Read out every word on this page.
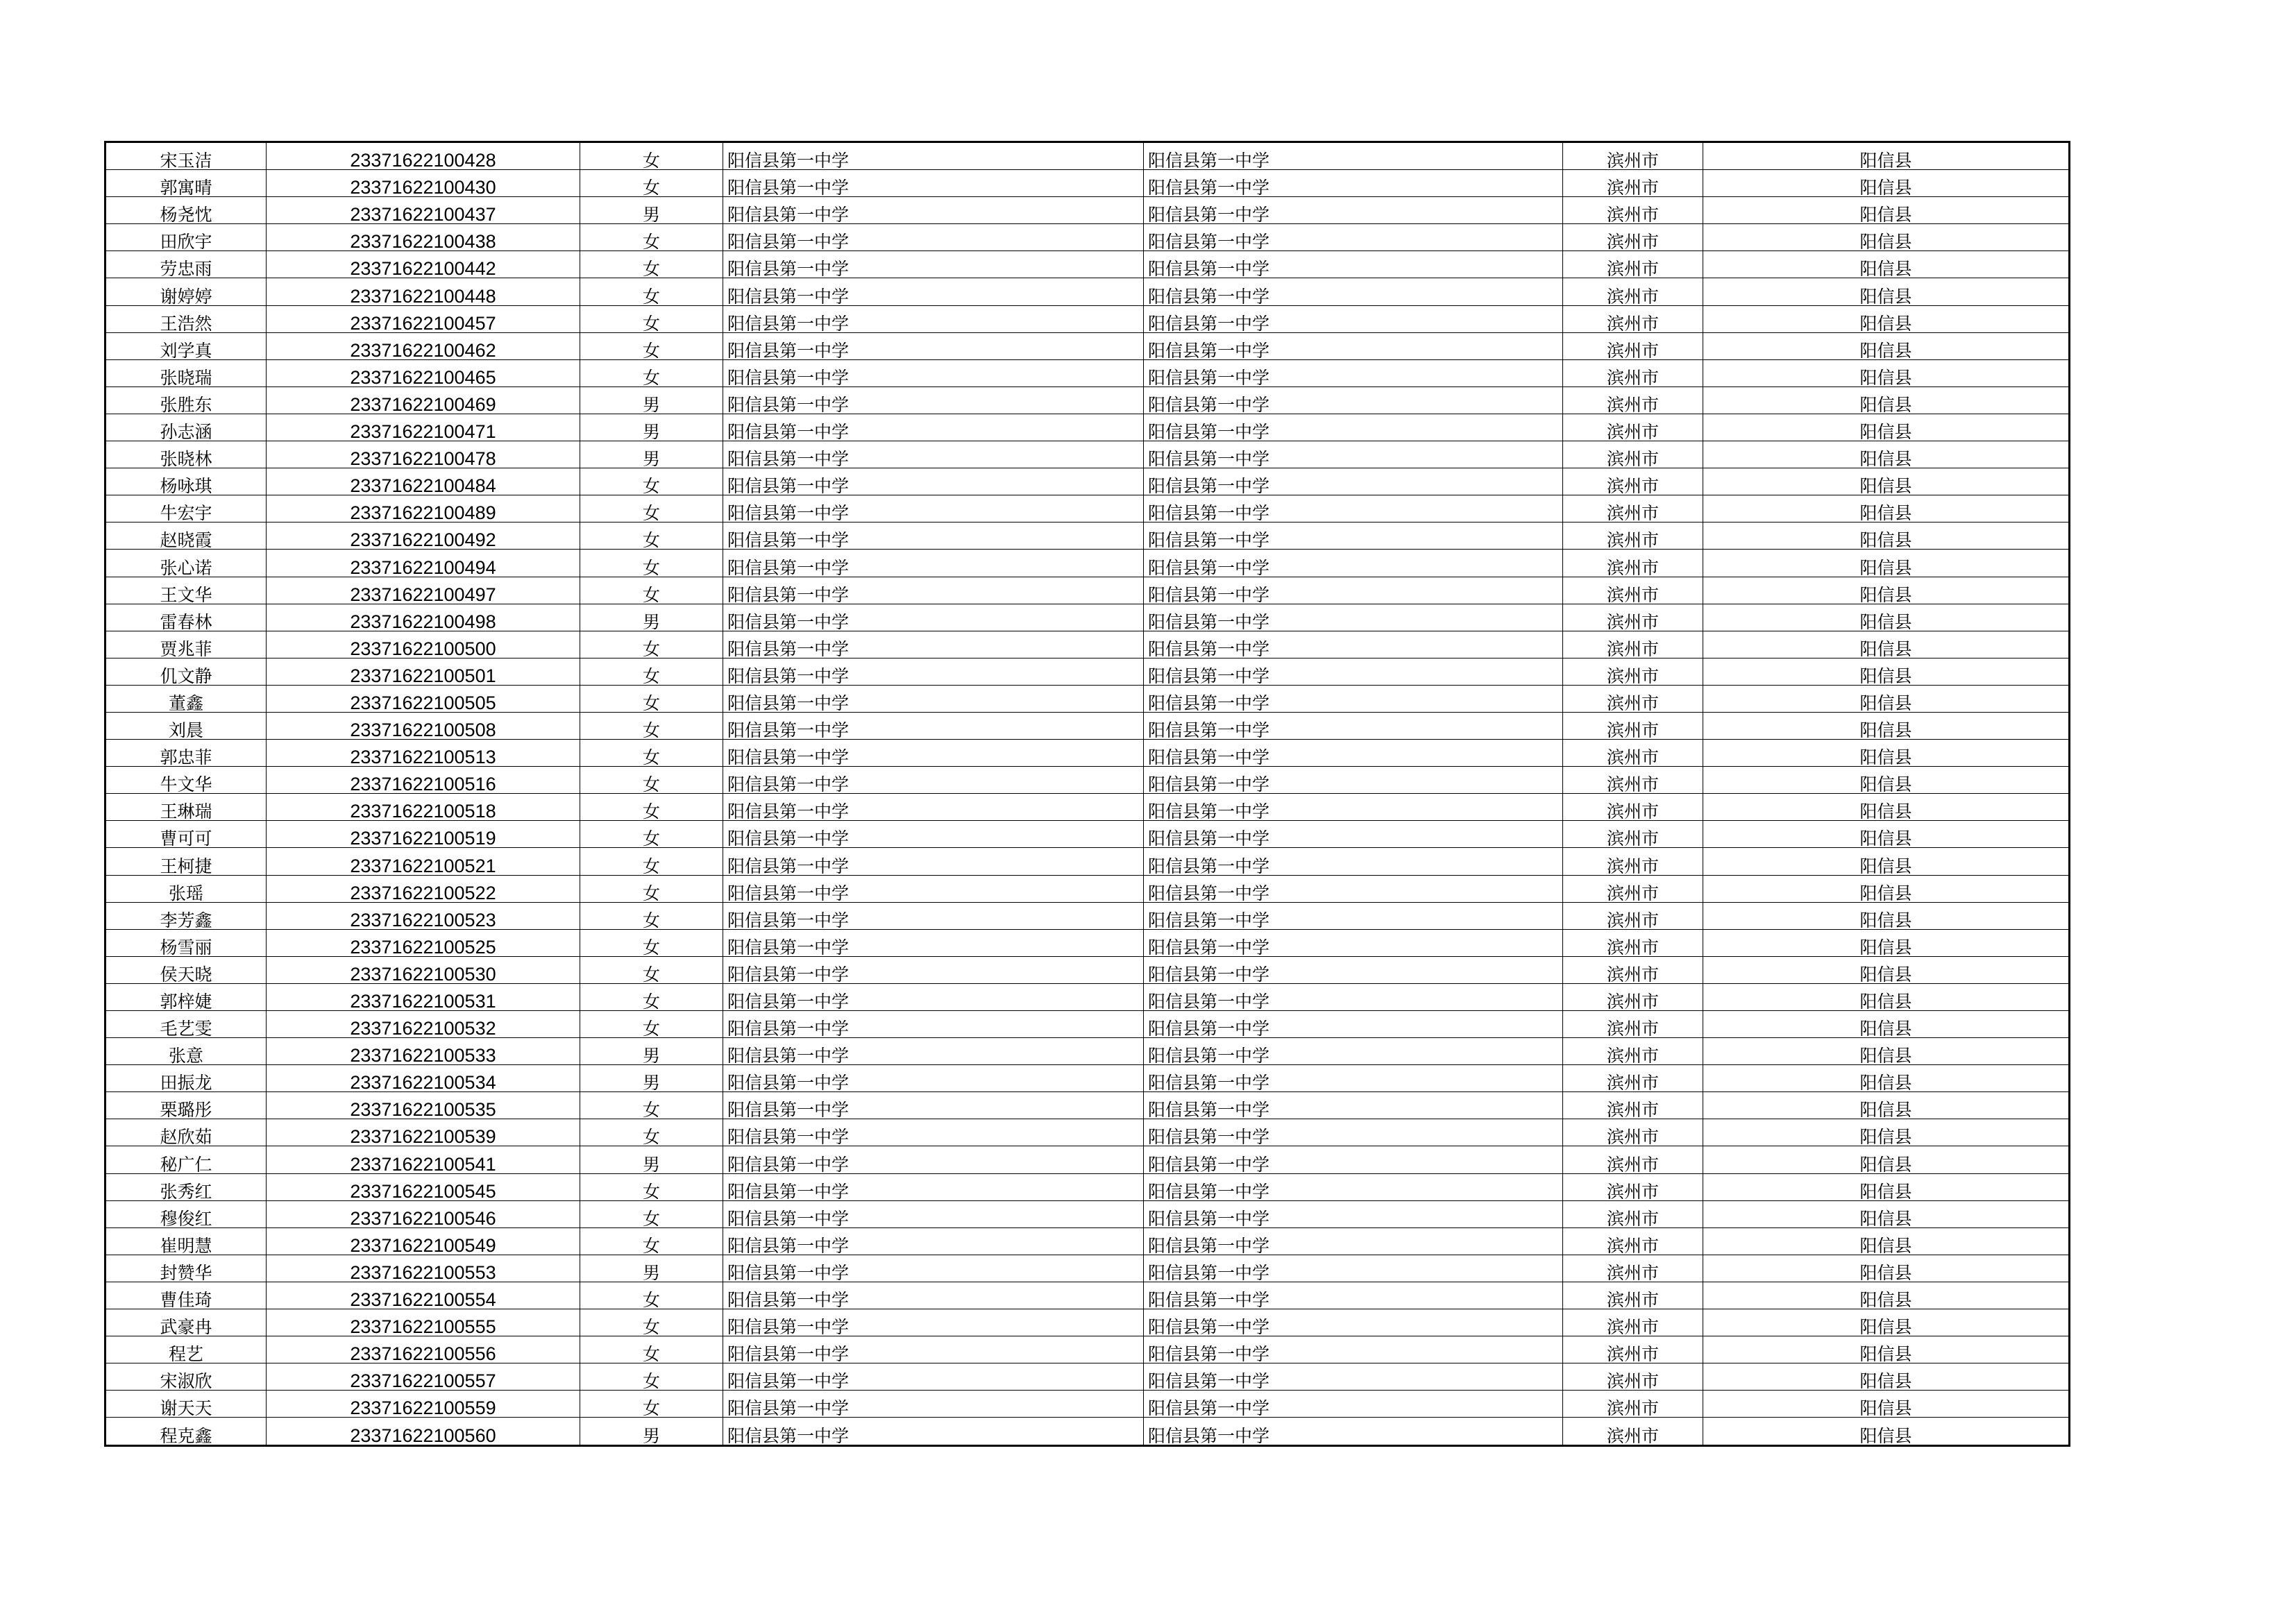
宋玉洁	23371622100428	女	阳信县第一中学	阳信县第一中学	滨州市	阳信县
郭寓晴	23371622100430	女	阳信县第一中学	阳信县第一中学	滨州市	阳信县
杨尧忱	23371622100437	男	阳信县第一中学	阳信县第一中学	滨州市	阳信县
田欣宇	23371622100438	女	阳信县第一中学	阳信县第一中学	滨州市	阳信县
劳忠雨	23371622100442	女	阳信县第一中学	阳信县第一中学	滨州市	阳信县
谢婷婷	23371622100448	女	阳信县第一中学	阳信县第一中学	滨州市	阳信县
王浩然	23371622100457	女	阳信县第一中学	阳信县第一中学	滨州市	阳信县
刘学真	23371622100462	女	阳信县第一中学	阳信县第一中学	滨州市	阳信县
张晓瑞	23371622100465	女	阳信县第一中学	阳信县第一中学	滨州市	阳信县
张胜东	23371622100469	男	阳信县第一中学	阳信县第一中学	滨州市	阳信县
孙志涵	23371622100471	男	阳信县第一中学	阳信县第一中学	滨州市	阳信县
张晓林	23371622100478	男	阳信县第一中学	阳信县第一中学	滨州市	阳信县
杨咏琪	23371622100484	女	阳信县第一中学	阳信县第一中学	滨州市	阳信县
牛宏宇	23371622100489	女	阳信县第一中学	阳信县第一中学	滨州市	阳信县
赵晓霞	23371622100492	女	阳信县第一中学	阳信县第一中学	滨州市	阳信县
张心诺	23371622100494	女	阳信县第一中学	阳信县第一中学	滨州市	阳信县
王文华	23371622100497	女	阳信县第一中学	阳信县第一中学	滨州市	阳信县
雷春林	23371622100498	男	阳信县第一中学	阳信县第一中学	滨州市	阳信县
贾兆菲	23371622100500	女	阳信县第一中学	阳信县第一中学	滨州市	阳信县
仉文静	23371622100501	女	阳信县第一中学	阳信县第一中学	滨州市	阳信县
董鑫	23371622100505	女	阳信县第一中学	阳信县第一中学	滨州市	阳信县
刘晨	23371622100508	女	阳信县第一中学	阳信县第一中学	滨州市	阳信县
郭忠菲	23371622100513	女	阳信县第一中学	阳信县第一中学	滨州市	阳信县
牛文华	23371622100516	女	阳信县第一中学	阳信县第一中学	滨州市	阳信县
王琳瑞	23371622100518	女	阳信县第一中学	阳信县第一中学	滨州市	阳信县
曹可可	23371622100519	女	阳信县第一中学	阳信县第一中学	滨州市	阳信县
王柯捷	23371622100521	女	阳信县第一中学	阳信县第一中学	滨州市	阳信县
张瑶	23371622100522	女	阳信县第一中学	阳信县第一中学	滨州市	阳信县
李芳鑫	23371622100523	女	阳信县第一中学	阳信县第一中学	滨州市	阳信县
杨雪丽	23371622100525	女	阳信县第一中学	阳信县第一中学	滨州市	阳信县
侯天晓	23371622100530	女	阳信县第一中学	阳信县第一中学	滨州市	阳信县
郭梓婕	23371622100531	女	阳信县第一中学	阳信县第一中学	滨州市	阳信县
毛艺雯	23371622100532	女	阳信县第一中学	阳信县第一中学	滨州市	阳信县
张意	23371622100533	男	阳信县第一中学	阳信县第一中学	滨州市	阳信县
田振龙	23371622100534	男	阳信县第一中学	阳信县第一中学	滨州市	阳信县
栗璐彤	23371622100535	女	阳信县第一中学	阳信县第一中学	滨州市	阳信县
赵欣茹	23371622100539	女	阳信县第一中学	阳信县第一中学	滨州市	阳信县
秘广仁	23371622100541	男	阳信县第一中学	阳信县第一中学	滨州市	阳信县
张秀红	23371622100545	女	阳信县第一中学	阳信县第一中学	滨州市	阳信县
穆俊红	23371622100546	女	阳信县第一中学	阳信县第一中学	滨州市	阳信县
崔明慧	23371622100549	女	阳信县第一中学	阳信县第一中学	滨州市	阳信县
封赞华	23371622100553	男	阳信县第一中学	阳信县第一中学	滨州市	阳信县
曹佳琦	23371622100554	女	阳信县第一中学	阳信县第一中学	滨州市	阳信县
武豪冉	23371622100555	女	阳信县第一中学	阳信县第一中学	滨州市	阳信县
程艺	23371622100556	女	阳信县第一中学	阳信县第一中学	滨州市	阳信县
宋淑欣	23371622100557	女	阳信县第一中学	阳信县第一中学	滨州市	阳信县
谢天天	23371622100559	女	阳信县第一中学	阳信县第一中学	滨州市	阳信县
程克鑫	23371622100560	男	阳信县第一中学	阳信县第一中学	滨州市	阳信县
